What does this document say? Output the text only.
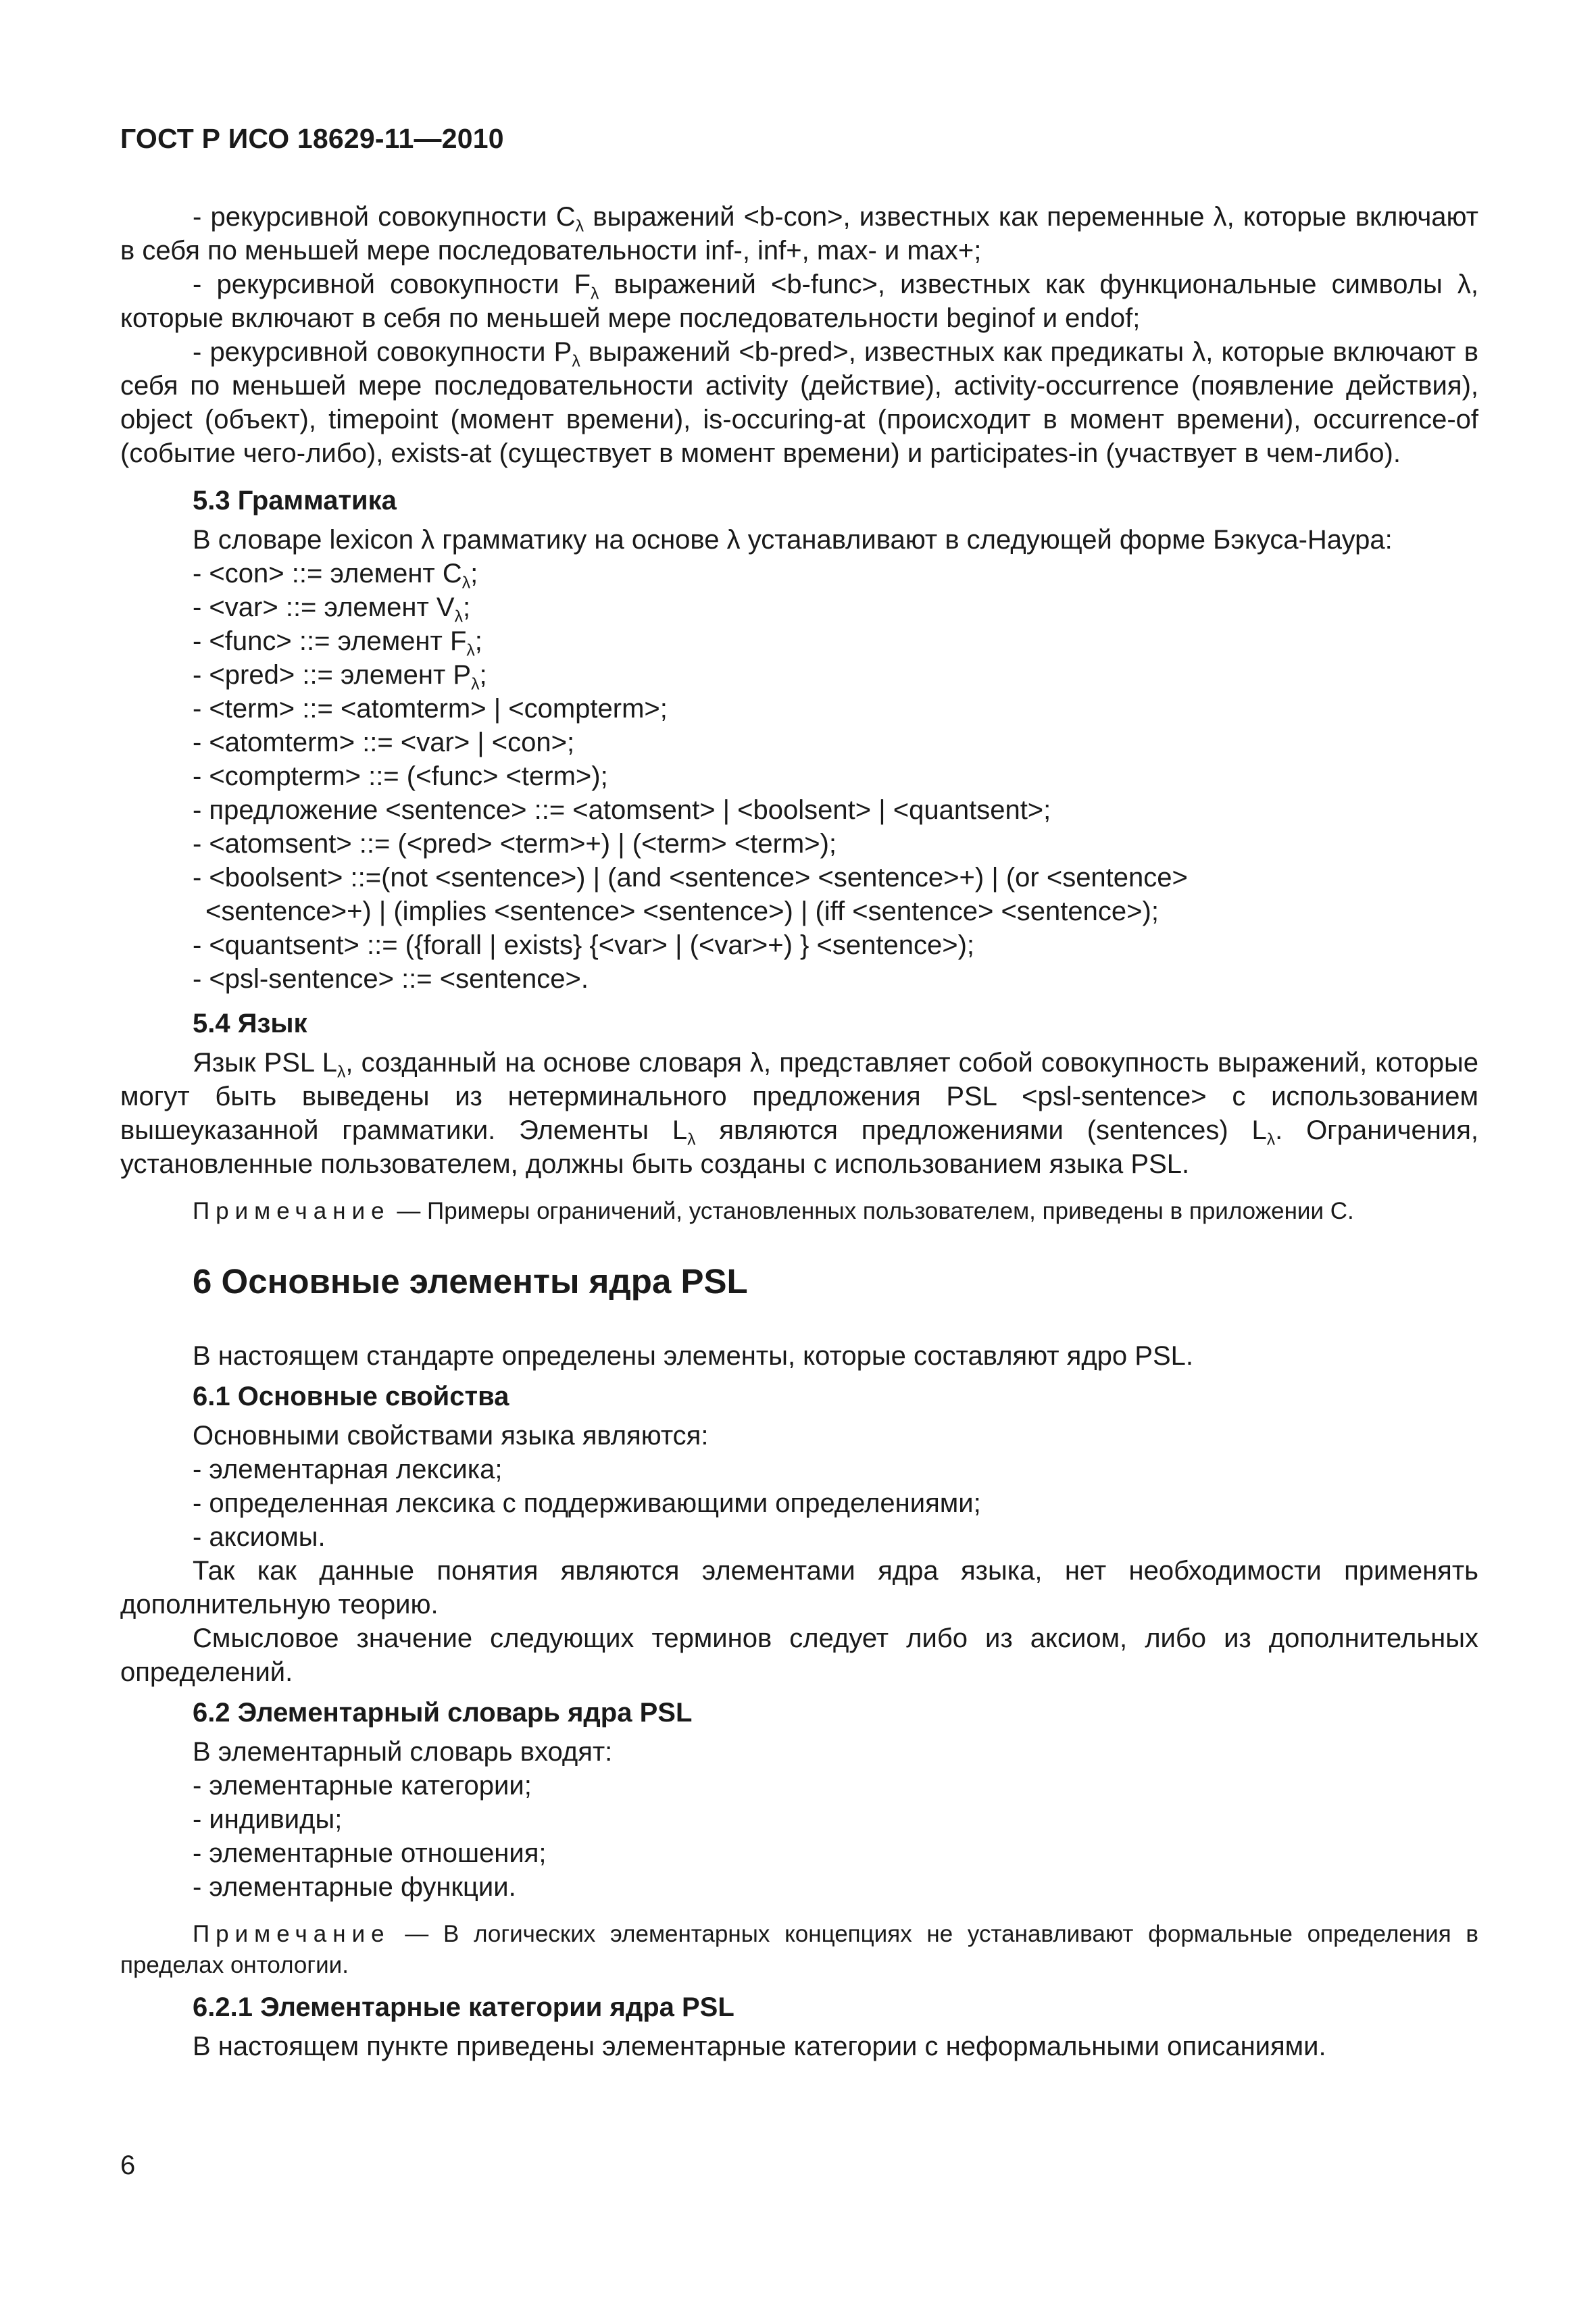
ГОСТ Р ИСО 18629-11—2010

- рекурсивной совокупности $C_\lambda$ выражений <b-con>, известных как переменные λ, которые включают в себя по меньшей мере последовательности inf-, inf+, max- и max+;

- рекурсивной совокупности $F_\lambda$ выражений <b-func>, известных как функциональные символы λ, которые включают в себя по меньшей мере последовательности beginof и endof;

- рекурсивной совокупности $P_\lambda$ выражений <b-pred>, известных как предикаты λ, которые включают в себя по меньшей мере последовательности activity (действие), activity-occurrence (появление действия), object (объект), timepoint (момент времени), is-occuring-at (происходит в момент времени), occurrence-of (событие чего-либо), exists-at (существует в момент времени) и participates-in (участвует в чем-либо).

5.3 Грамматика

В словаре lexicon λ грамматику на основе λ устанавливают в следующей форме Бэкуса-Наура:

- <con> ::= элемент $C_\lambda$;

- <var> ::= элемент $V_\lambda$;

- <func> ::= элемент $F_\lambda$;

- <pred> ::= элемент $P_\lambda$;

- <term> ::= <atomterm> | <compterm>;

- <atomterm> ::= <var> | <con>;

- <compterm> ::= (<func> <term>);

- предложение <sentence> ::= <atomsent> | <boolsent> | <quantsent>;

- <atomsent> ::= (<pred> <term>+) | (<term> <term>);

- <boolsent> ::=(not <sentence>) | (and <sentence> <sentence>+) | (or <sentence>

<sentence>+) | (implies <sentence> <sentence>) | (iff <sentence> <sentence>);

- <quantsent> ::= ({forall | exists} {<var> | (<var>+) } <sentence>);

- <psl-sentence> ::= <sentence>.

5.4 Язык

Язык PSL $L_\lambda$, созданный на основе словаря λ, представляет собой совокупность выражений, которые могут быть выведены из нетерминального предложения PSL <psl-sentence> с использованием вышеуказанной грамматики. Элементы $L_\lambda$ являются предложениями (sentences) $L_\lambda$. Ограничения, установленные пользователем, должны быть созданы с использованием языка PSL.

Примечание — Примеры ограничений, установленных пользователем, приведены в приложении С.

6 Основные элементы ядра PSL

В настоящем стандарте определены элементы, которые составляют ядро PSL.

6.1 Основные свойства

Основными свойствами языка являются:

- элементарная лексика;

- определенная лексика с поддерживающими определениями;

- аксиомы.

Так как данные понятия являются элементами ядра языка, нет необходимости применять дополнительную теорию.

Смысловое значение следующих терминов следует либо из аксиом, либо из дополнительных определений.

6.2 Элементарный словарь ядра PSL

В элементарный словарь входят:

- элементарные категории;

- индивиды;

- элементарные отношения;

- элементарные функции.

Примечание — В логических элементарных концепциях не устанавливают формальные определения в пределах онтологии.

6.2.1 Элементарные категории ядра PSL

В настоящем пункте приведены элементарные категории с неформальными описаниями.

6
